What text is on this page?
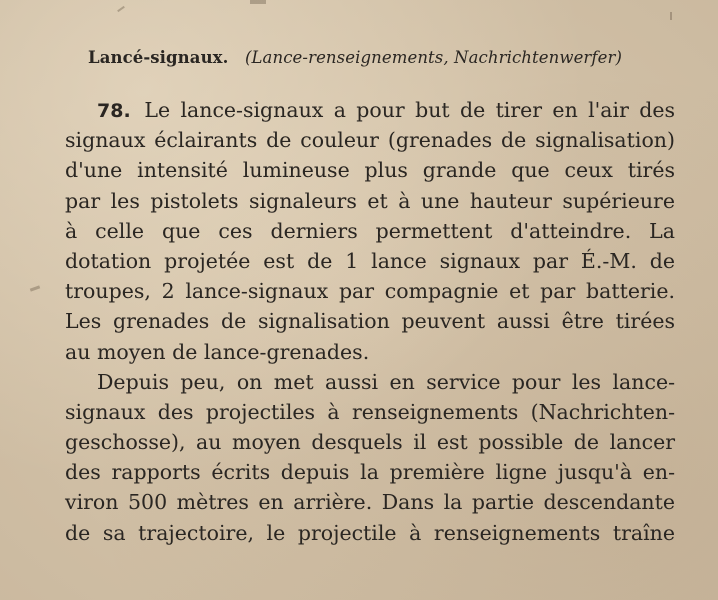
Lancé-signaux. (Lance-renseignements, Nachrichtenwerfer)
78. Le lance-signaux a pour but de tirer en l'air des
signaux éclairants de couleur (grenades de signalisation)
d'une intensité lumineuse plus grande que ceux tirés
par les pistolets signaleurs et à une hauteur supérieure
à celle que ces derniers permettent d'atteindre. La
dotation projetée est de 1 lance signaux par É.-M. de
troupes, 2 lance-signaux par compagnie et par batterie.
Les grenades de signalisation peuvent aussi être tirées
au moyen de lance-grenades.
Depuis peu, on met aussi en service pour les lance-
signaux des projectiles à renseignements (Nachrichten-
geschosse), au moyen desquels il est possible de lancer
des rapports écrits depuis la première ligne jusqu'à en-
viron 500 mètres en arrière. Dans la partie descendante
de sa trajectoire, le projectile à renseignements traîne
